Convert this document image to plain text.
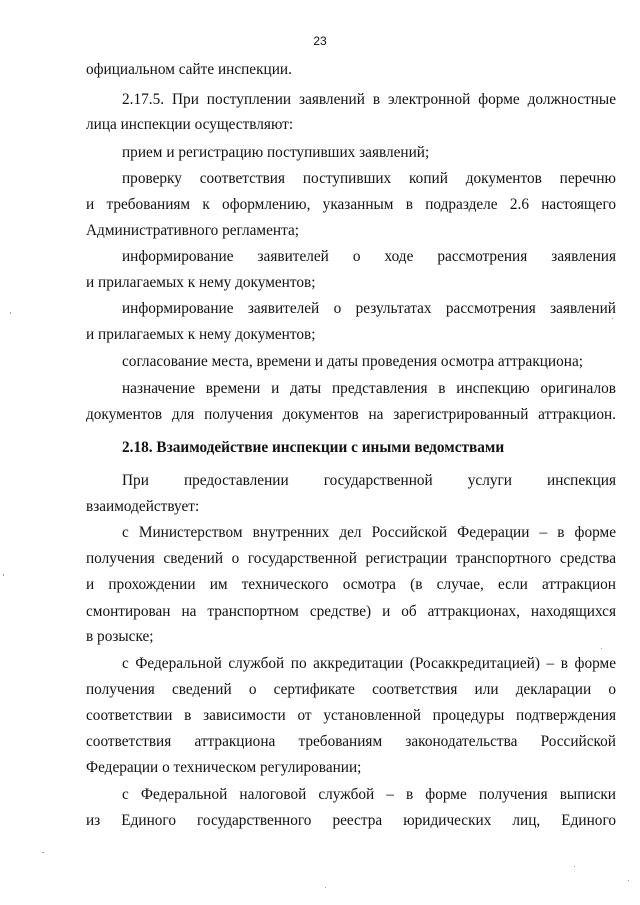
23

официальном сайте инспекции.

2.17.5. При поступлении заявлений в электронной форме должностные

лица инспекции осуществляют:

прием и регистрацию поступивших заявлений;

проверку соответствия поступивших копий документов перечню

и требованиям к оформлению, указанным в подразделе 2.6 настоящего

Административного регламента;

информирование заявителей о ходе рассмотрения заявления

и прилагаемых к нему документов;

информирование заявителей о результатах рассмотрения заявлений

и прилагаемых к нему документов;

согласование места, времени и даты проведения осмотра аттракциона;

назначение времени и даты представления в инспекцию оригиналов

документов для получения документов на зарегистрированный аттракцион.

2.18. Взаимодействие инспекции с иными ведомствами

При предоставлении государственной услуги инспекция

взаимодействует:

с Министерством внутренних дел Российской Федерации – в форме

получения сведений о государственной регистрации транспортного средства

и прохождении им технического осмотра (в случае, если аттракцион

смонтирован на транспортном средстве) и об аттракционах, находящихся

в розыске;

с Федеральной службой по аккредитации (Росаккредитацией) – в форме

получения сведений о сертификате соответствия или декларации о

соответствии в зависимости от установленной процедуры подтверждения

соответствия аттракциона требованиям законодательства Российской

Федерации о техническом регулировании;

с Федеральной налоговой службой – в форме получения выписки

из Единого государственного реестра юридических лиц, Единого
